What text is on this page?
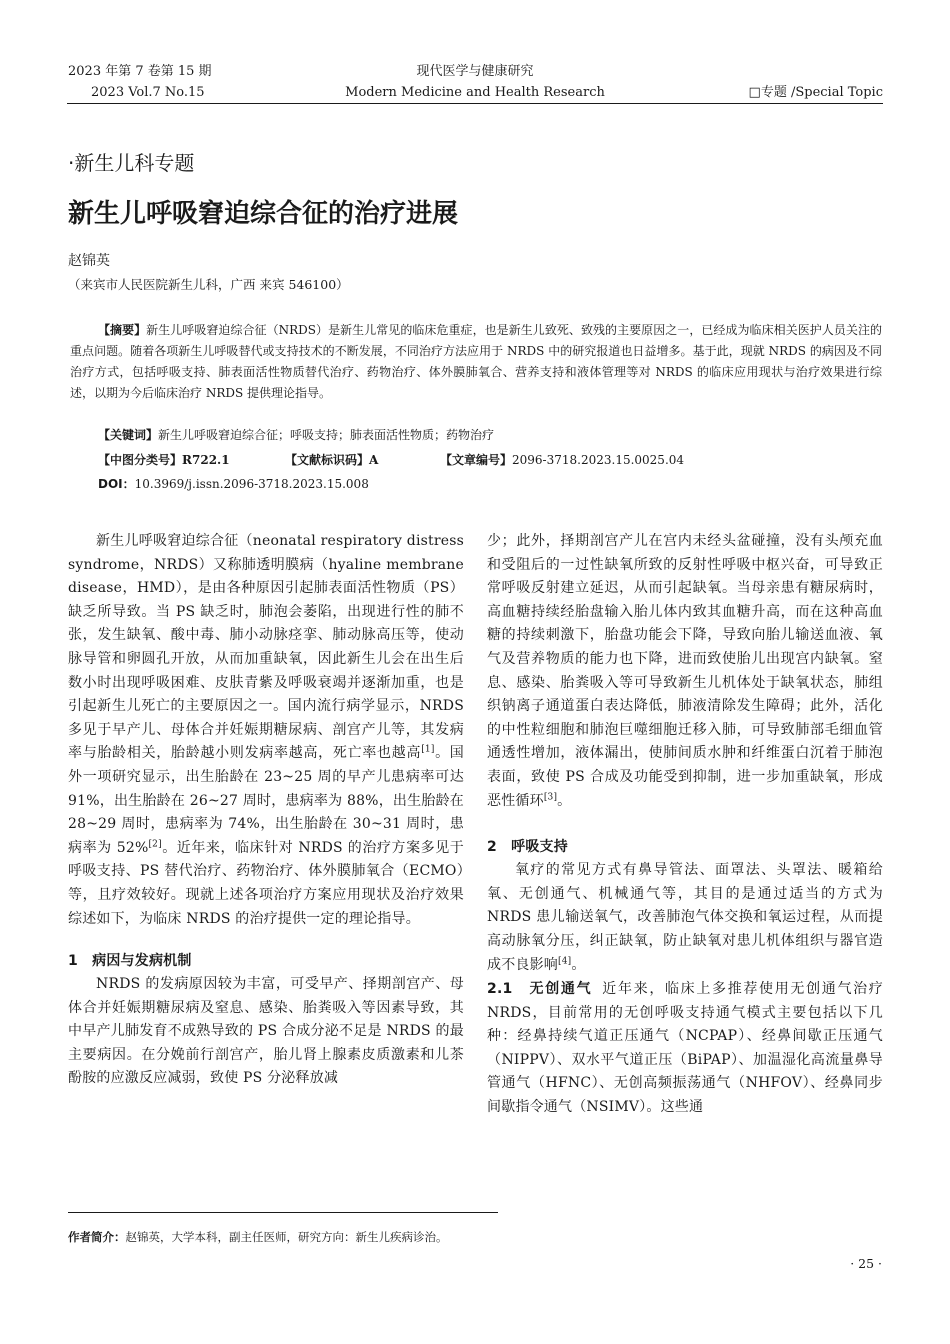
2023 年第 7 卷第 15 期
2023 Vol.7 No.15
现代医学与健康研究
Modern Medicine and Health Research	□专题 /Special Topic
·新生儿科专题
新生儿呼吸窘迫综合征的治疗进展
赵锦英
（来宾市人民医院新生儿科，广西 来宾 546100）
【摘要】新生儿呼吸窘迫综合征（NRDS）是新生儿常见的临床危重症，也是新生儿致死、致残的主要原因之一，已经成为临床相关医护人员关注的重点问题。随着各项新生儿呼吸替代或支持技术的不断发展，不同治疗方法应用于 NRDS 中的研究报道也日益增多。基于此，现就 NRDS 的病因及不同治疗方式，包括呼吸支持、肺表面活性物质替代治疗、药物治疗、体外膜肺氧合、营养支持和液体管理等对 NRDS 的临床应用现状与治疗效果进行综述，以期为今后临床治疗 NRDS 提供理论指导。
【关键词】新生儿呼吸窘迫综合征；呼吸支持；肺表面活性物质；药物治疗
【中图分类号】R722.1	【文献标识码】A	【文章编号】2096-3718.2023.15.0025.04
DOI：10.3969/j.issn.2096-3718.2023.15.008

新生儿呼吸窘迫综合征（neonatal respiratory distress syndrome，NRDS）又称肺透明膜病（hyaline membrane disease，HMD），是由各种原因引起肺表面活性物质（PS）缺乏所导致。当 PS 缺乏时，肺泡会萎陷，出现进行性的肺不张，发生缺氧、酸中毒、肺小动脉痉挛、肺动脉高压等，使动脉导管和卵圆孔开放，从而加重缺氧，因此新生儿会在出生后数小时出现呼吸困难、皮肤青紫及呼吸衰竭并逐渐加重，也是引起新生儿死亡的主要原因之一。国内流行病学显示，NRDS 多见于早产儿、母体合并妊娠期糖尿病、剖宫产儿等，其发病率与胎龄相关，胎龄越小则发病率越高，死亡率也越高[1]。国外一项研究显示，出生胎龄在 23~25 周的早产儿患病率可达 91%，出生胎龄在 26~27 周时，患病率为 88%，出生胎龄在 28~29 周时，患病率为 74%，出生胎龄在 30~31 周时，患病率为 52%[2]。近年来，临床针对 NRDS 的治疗方案多见于呼吸支持、PS 替代治疗、药物治疗、体外膜肺氧合（ECMO）等，且疗效较好。现就上述各项治疗方案应用现状及治疗效果综述如下，为临床 NRDS 的治疗提供一定的理论指导。

1　病因与发病机制

NRDS 的发病原因较为丰富，可受早产、择期剖宫产、母体合并妊娠期糖尿病及窒息、感染、胎粪吸入等因素导致，其中早产儿肺发育不成熟导致的 PS 合成分泌不足是 NRDS 的最主要病因。在分娩前行剖宫产，胎儿肾上腺素皮质激素和儿茶酚胺的应激反应减弱，致使 PS 分泌释放减

少；此外，择期剖宫产儿在宫内未经头盆碰撞，没有头颅充血和受阻后的一过性缺氧所致的反射性呼吸中枢兴奋，可导致正常呼吸反射建立延迟，从而引起缺氧。当母亲患有糖尿病时，高血糖持续经胎盘输入胎儿体内致其血糖升高，而在这种高血糖的持续刺激下，胎盘功能会下降，导致向胎儿输送血液、氧气及营养物质的能力也下降，进而致使胎儿出现宫内缺氧。窒息、感染、胎粪吸入等可导致新生儿机体处于缺氧状态，肺组织钠离子通道蛋白表达降低，肺液清除发生障碍；此外，活化的中性粒细胞和肺泡巨噬细胞迁移入肺，可导致肺部毛细血管通透性增加，液体漏出，使肺间质水肿和纤维蛋白沉着于肺泡表面，致使 PS 合成及功能受到抑制，进一步加重缺氧，形成恶性循环[3]。

2　呼吸支持

氧疗的常见方式有鼻导管法、面罩法、头罩法、暖箱给氧、无创通气、机械通气等，其目的是通过适当的方式为 NRDS 患儿输送氧气，改善肺泡气体交换和氧运过程，从而提高动脉氧分压，纠正缺氧，防止缺氧对患儿机体组织与器官造成不良影响[4]。

2.1　无创通气 近年来，临床上多推荐使用无创通气治疗 NRDS，目前常用的无创呼吸支持通气模式主要包括以下几种：经鼻持续气道正压通气（NCPAP）、经鼻间歇正压通气（NIPPV）、双水平气道正压（BiPAP）、加温湿化高流量鼻导管通气（HFNC）、无创高频振荡通气（NHFOV）、经鼻同步间歇指令通气（NSIMV）。这些通

作者简介：赵锦英，大学本科，副主任医师，研究方向：新生儿疾病诊治。
· 25 ·
